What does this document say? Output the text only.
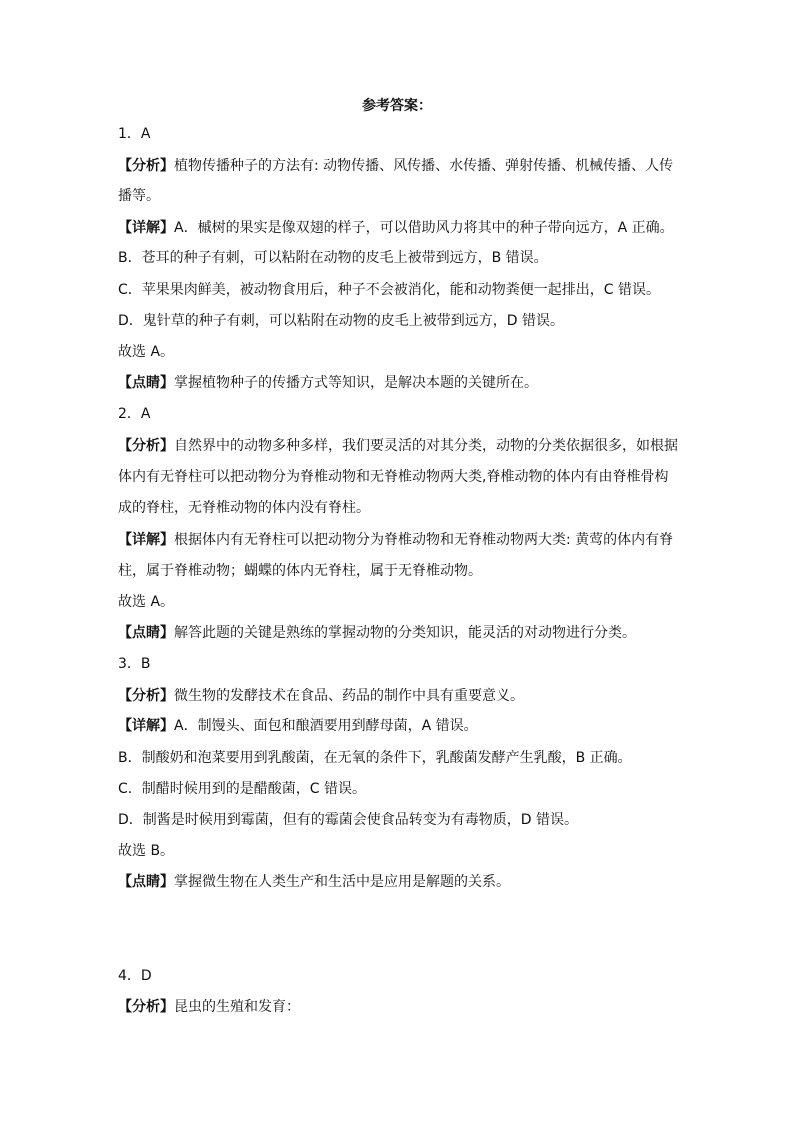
参考答案：
1．A
【分析】植物传播种子的方法有: 动物传播、风传播、水传播、弹射传播、机械传播、人传
播等。
【详解】A．槭树的果实是像双翅的样子，可以借助风力将其中的种子带向远方，A 正确。
B．苍耳的种子有刺，可以粘附在动物的皮毛上被带到远方，B 错误。
C．苹果果肉鲜美，被动物食用后，种子不会被消化，能和动物粪便一起排出，C 错误。
D．鬼针草的种子有刺，可以粘附在动物的皮毛上被带到远方，D 错误。
故选 A。
【点睛】掌握植物种子的传播方式等知识，是解决本题的关键所在。
2．A
【分析】自然界中的动物多种多样，我们要灵活的对其分类，动物的分类依据很多，如根据
体内有无脊柱可以把动物分为脊椎动物和无脊椎动物两大类,脊椎动物的体内有由脊椎骨构
成的脊柱，无脊椎动物的体内没有脊柱。
【详解】根据体内有无脊柱可以把动物分为脊椎动物和无脊椎动物两大类: 黄莺的体内有脊
柱，属于脊椎动物；蝴蝶的体内无脊柱，属于无脊椎动物。
故选 A。
【点睛】解答此题的关键是熟练的掌握动物的分类知识，能灵活的对动物进行分类。
3．B
【分析】微生物的发酵技术在食品、药品的制作中具有重要意义。
【详解】A．制馒头、面包和酿酒要用到酵母菌，A 错误。
B．制酸奶和泡菜要用到乳酸菌，在无氧的条件下，乳酸菌发酵产生乳酸，B 正确。
C．制醋时候用到的是醋酸菌，C 错误。
D．制酱是时候用到霉菌，但有的霉菌会使食品转变为有毒物质，D 错误。
故选 B。
【点睛】掌握微生物在人类生产和生活中是应用是解题的关系。
4．D
【分析】昆虫的生殖和发育：
